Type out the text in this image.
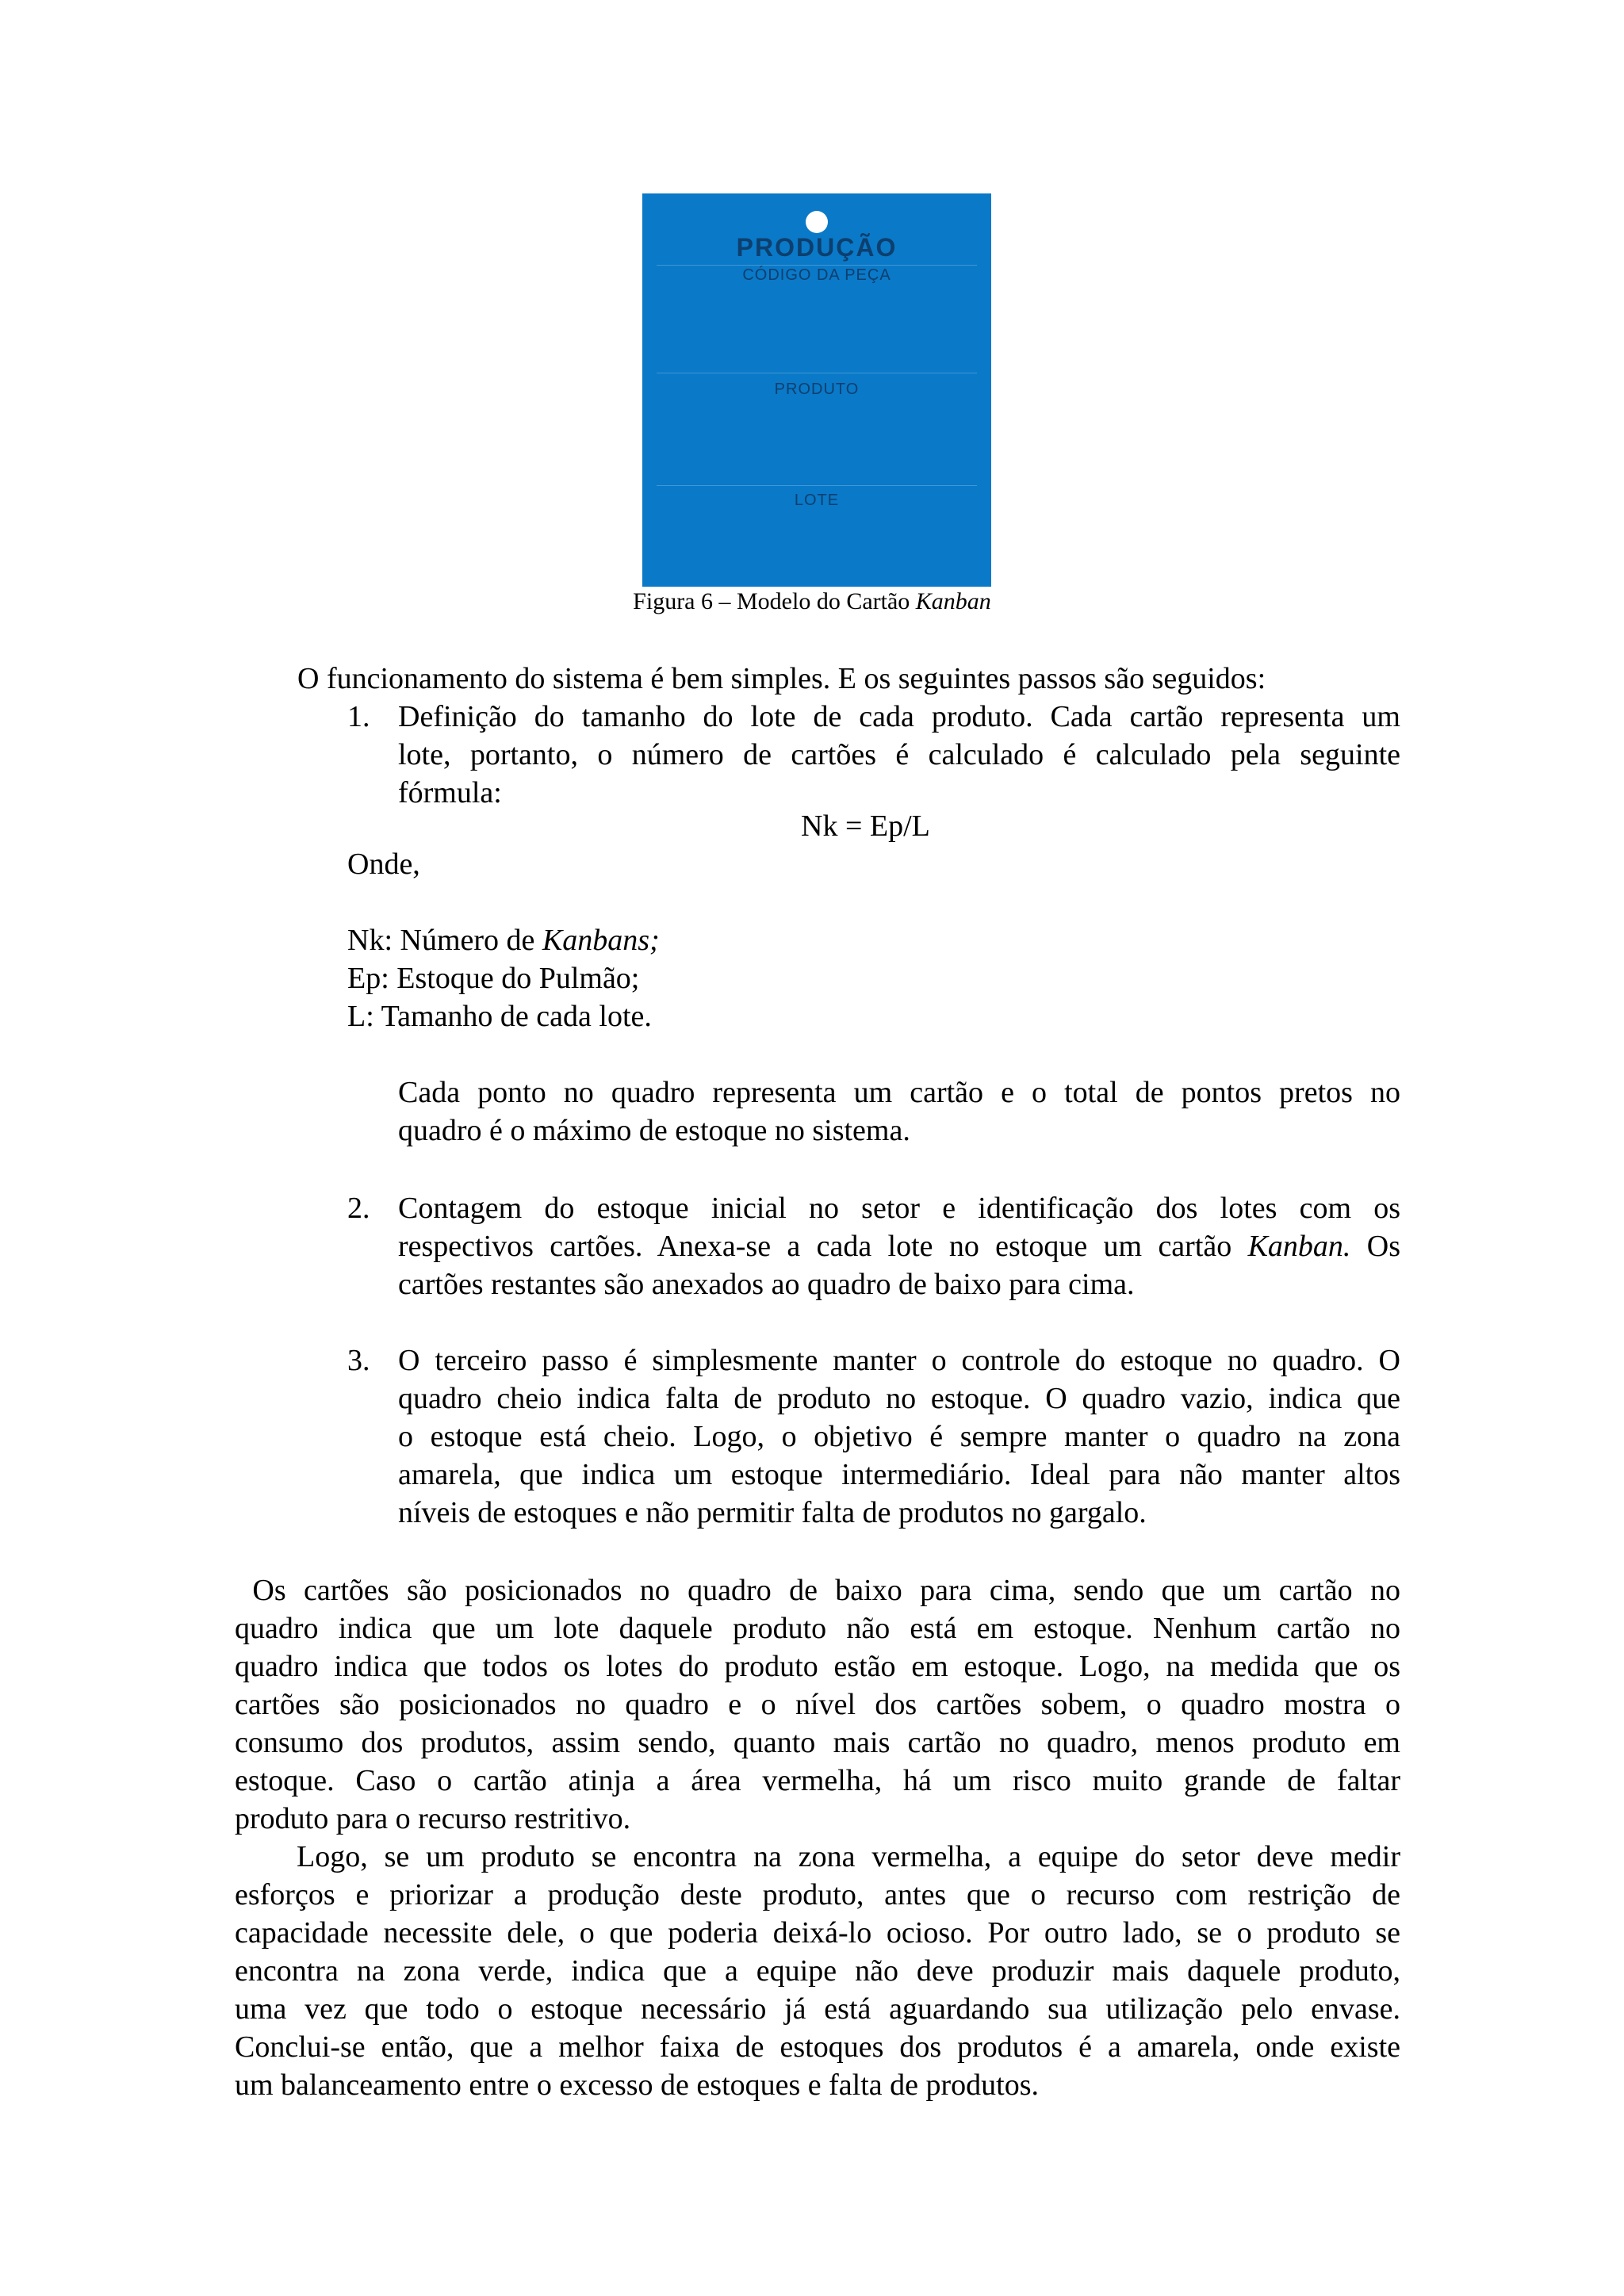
PRODUÇÃO
CÓDIGO DA PEÇA
PRODUTO
LOTE
Figura 6 – Modelo do Cartão Kanban
O funcionamento do sistema é bem simples. E os seguintes passos são seguidos:
1. Definição do tamanho do lote de cada produto. Cada cartão representa um
lote, portanto, o número de cartões é calculado é calculado pela seguinte
fórmula:
Nk = Ep/L
Onde,
Nk: Número de Kanbans;
Ep: Estoque do Pulmão;
L: Tamanho de cada lote.
Cada ponto no quadro representa um cartão e o total de pontos pretos no
quadro é o máximo de estoque no sistema.
2. Contagem do estoque inicial no setor e identificação dos lotes com os
respectivos cartões. Anexa-se a cada lote no estoque um cartão Kanban. Os
cartões restantes são anexados ao quadro de baixo para cima.
3. O terceiro passo é simplesmente manter o controle do estoque no quadro. O
quadro cheio indica falta de produto no estoque. O quadro vazio, indica que
o estoque está cheio. Logo, o objetivo é sempre manter o quadro na zona
amarela, que indica um estoque intermediário. Ideal para não manter altos
níveis de estoques e não permitir falta de produtos no gargalo.
Os cartões são posicionados no quadro de baixo para cima, sendo que um cartão no
quadro indica que um lote daquele produto não está em estoque. Nenhum cartão no
quadro indica que todos os lotes do produto estão em estoque. Logo, na medida que os
cartões são posicionados no quadro e o nível dos cartões sobem, o quadro mostra o
consumo dos produtos, assim sendo, quanto mais cartão no quadro, menos produto em
estoque. Caso o cartão atinja a área vermelha, há um risco muito grande de faltar
produto para o recurso restritivo.
Logo, se um produto se encontra na zona vermelha, a equipe do setor deve medir
esforços e priorizar a produção deste produto, antes que o recurso com restrição de
capacidade necessite dele, o que poderia deixá-lo ocioso. Por outro lado, se o produto se
encontra na zona verde, indica que a equipe não deve produzir mais daquele produto,
uma vez que todo o estoque necessário já está aguardando sua utilização pelo envase.
Conclui-se então, que a melhor faixa de estoques dos produtos é a amarela, onde existe
um balanceamento entre o excesso de estoques e falta de produtos.
